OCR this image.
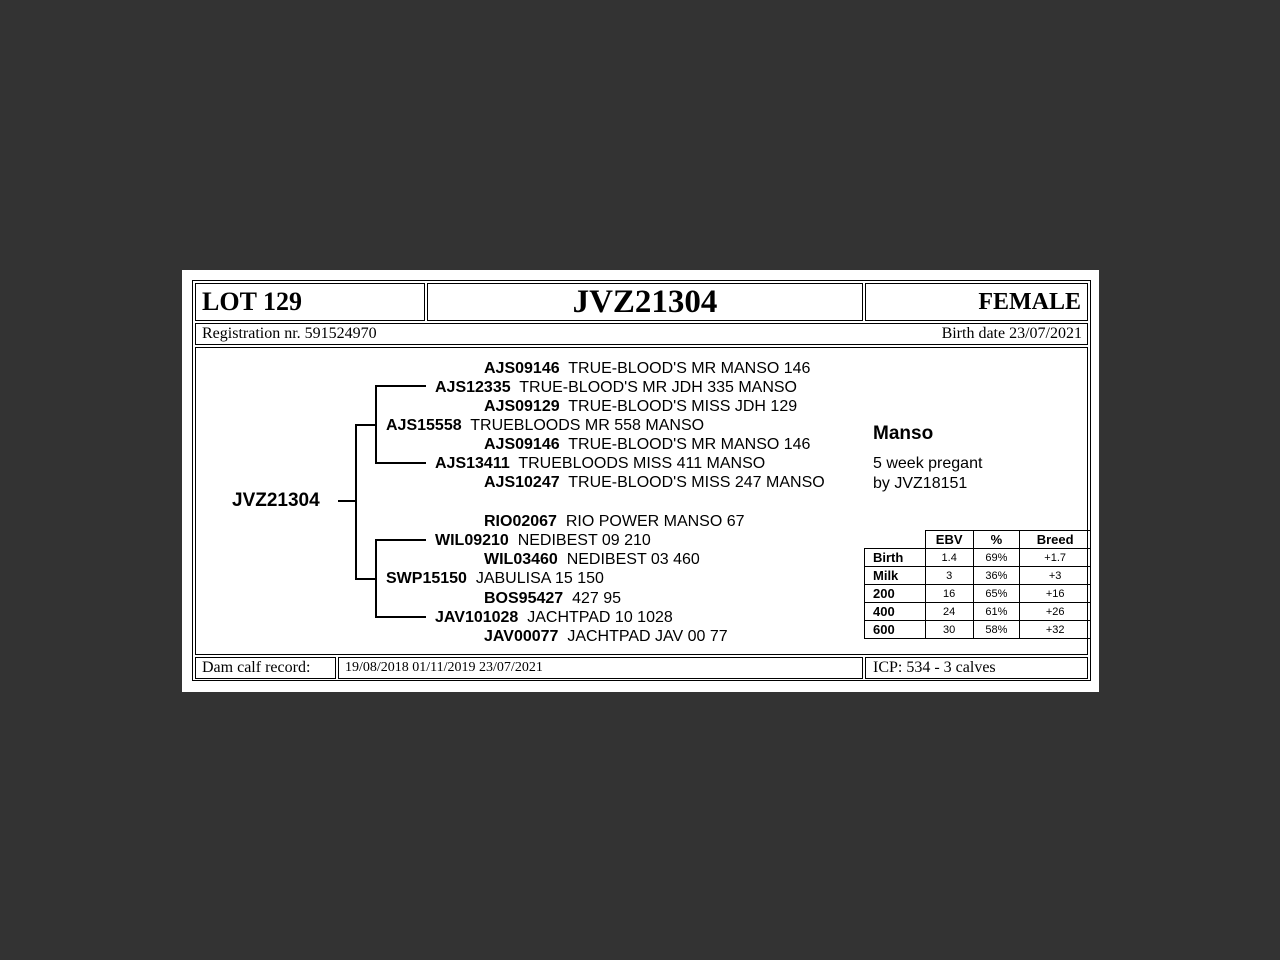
LOT 129	JVZ21304	FEMALE
Registration nr. 591524970	Birth date 23/07/2021
Dam calf record: 19/08/2018 01/11/2019 23/07/2021	ICP: 534 - 3 calves
JVZ21304
AJS09146 TRUE-BLOOD'S MR MANSO 146
AJS12335 TRUE-BLOOD'S MR JDH 335 MANSO
AJS09129 TRUE-BLOOD'S MISS JDH 129
AJS15558 TRUEBLOODS MR 558 MANSO
AJS09146 TRUE-BLOOD'S MR MANSO 146
AJS13411 TRUEBLOODS MISS 411 MANSO
AJS10247 TRUE-BLOOD'S MISS 247 MANSO
RIO02067 RIO POWER MANSO 67
WIL09210 NEDIBEST 09 210
WIL03460 NEDIBEST 03 460
SWP15150 JABULISA 15 150
BOS95427 427 95
JAV101028 JACHTPAD 10 1028
JAV00077 JACHTPAD JAV 00 77
Manso
5 week pregant
by JVZ18151
	EBV	%	Breed
Birth	1.4	69%	+1.7
Milk	3	36%	+3
200	16	65%	+16
400	24	61%	+26
600	30	58%	+32
